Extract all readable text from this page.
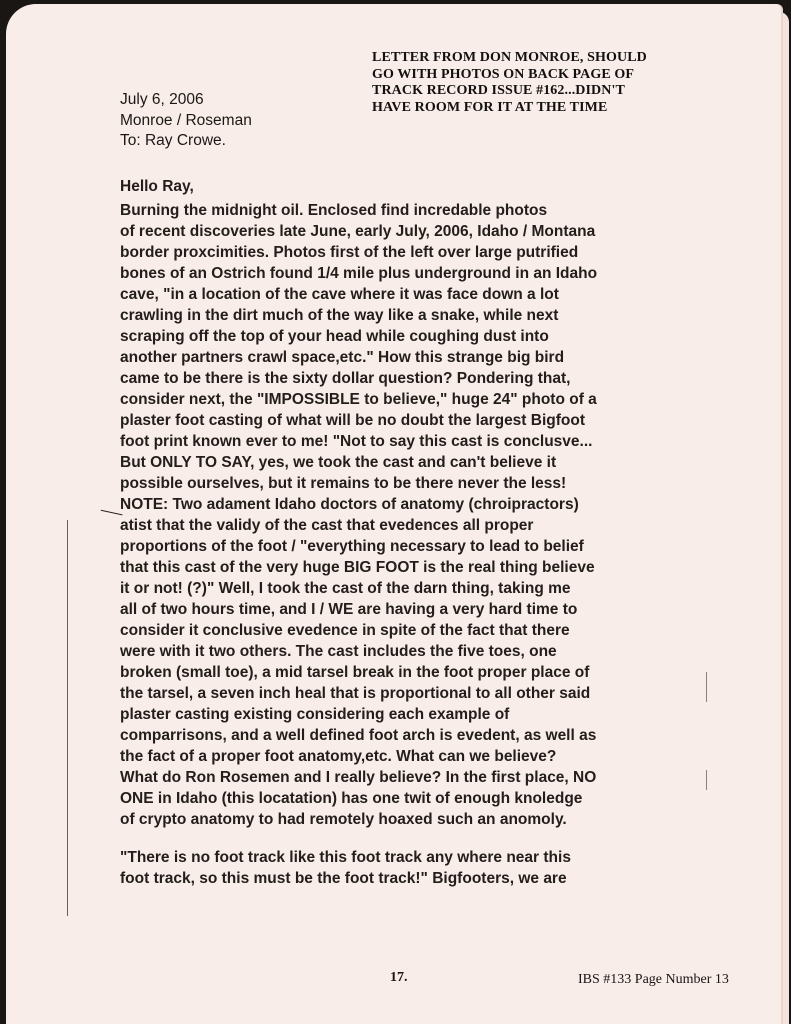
LETTER FROM DON MONROE, SHOULD
GO WITH PHOTOS ON BACK PAGE OF
TRACK RECORD ISSUE #162...DIDN'T
HAVE ROOM FOR IT AT THE TIME
July 6, 2006
Monroe / Roseman
To: Ray Crowe.
Hello Ray,
Burning the midnight oil. Enclosed find incredable photos
of recent discoveries late June, early July, 2006, Idaho / Montana
border proxcimities. Photos first of the left over large putrified
bones of an Ostrich found 1/4 mile plus underground in an Idaho
cave, "in a location of the cave where it was face down a lot
crawling in the dirt much of the way like a snake, while next
scraping off the top of your head while coughing dust into
another partners crawl space,etc." How this strange big bird
came to be there is the sixty dollar question? Pondering that,
consider next, the "IMPOSSIBLE to believe," huge 24" photo of a
plaster foot casting of what will be no doubt the largest Bigfoot
foot print known ever to me! "Not to say this cast is conclusve...
But ONLY TO SAY, yes, we took the cast and can't believe it
possible ourselves, but it remains to be there never the less!
NOTE: Two adament Idaho doctors of anatomy (chroipractors)
atist that the validy of the cast that evedences all proper
proportions of the foot / "everything necessary to lead to belief
that this cast of the very huge BIG FOOT is the real thing believe
it or not! (?)" Well, I took the cast of the darn thing, taking me
all of two hours time, and I / WE are having a very hard time to
consider it conclusive evedence in spite of the fact that there
were with it two others. The cast includes the five toes, one
broken (small toe), a mid tarsel break in the foot proper place of
the tarsel, a seven inch heal that is proportional to all other said
plaster casting existing considering each example of
comparrisons, and a well defined foot arch is evedent, as well as
the fact of a proper foot anatomy,etc. What can we believe?
What do Ron Rosemen and I really believe? In the first place, NO
ONE in Idaho (this locatation) has one twit of enough knoledge
of crypto anatomy to had remotely hoaxed such an anomoly.
"There is no foot track like this foot track any where near this
foot track, so this must be the foot track!" Bigfooters, we are
17.	IBS #133 Page Number 13
